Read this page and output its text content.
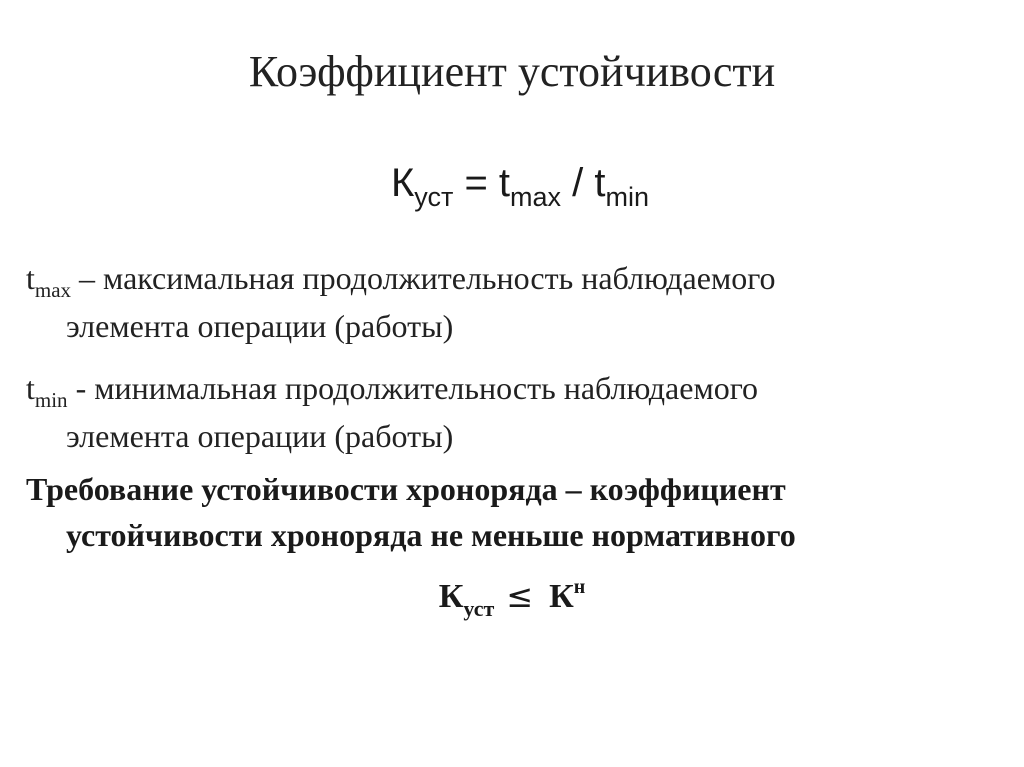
Коэффициент устойчивости
$К_{уст} = t_{max} / t_{min}$
$t_{max}$ – максимальная продолжительность наблюдаемого
элемента операции (работы)
$t_{min}$ - минимальная продолжительность наблюдаемого
элемента операции (работы)
Требование устойчивости хронорядa – коэффициент
устойчивости хронорядa не меньше нормативного
$К_{уст} \le К^н$
